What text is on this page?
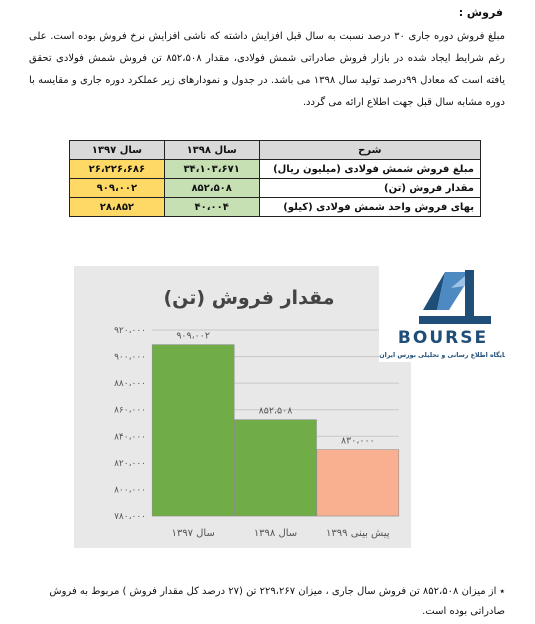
فروش :
مبلغ فروش دوره جاری ۳۰ درصد نسبت به سال قبل افزایش داشته که ناشی افزایش نرخ فروش بوده است. علی رغم شرایط ایجاد شده در بازار فروش صادراتی شمش فولادی، مقدار ۸۵۲،۵۰۸ تن فروش شمش فولادی تحقق یافته است که معادل ۹۹درصد تولید سال ۱۳۹۸ می باشد. در جدول و نمودارهای زیر عملکرد دوره جاری و مقایسه با دوره مشابه سال قبل جهت اطلاع ارائه می گردد.
شرح	سال ۱۳۹۸	سال ۱۳۹۷
مبلغ فروش شمش فولادی (میلیون ریال)	۳۴،۱۰۳،۶۷۱	۲۶،۲۲۶،۶۸۶
مقدار فروش (تن)	۸۵۲،۵۰۸	۹۰۹،۰۰۲
بهای فروش واحد شمش فولادی (کیلو)	۴۰،۰۰۴	۲۸،۸۵۲
مقدار فروش (تن)
۷۸۰،۰۰۰
۸۰۰،۰۰۰
۸۲۰،۰۰۰
۸۴۰،۰۰۰
۸۶۰،۰۰۰
۸۸۰،۰۰۰
۹۰۰،۰۰۰
۹۲۰،۰۰۰	۹۰۹،۰۰۲
سال ۱۳۹۷
۸۵۲،۵۰۸
سال ۱۳۹۸
۸۳۰،۰۰۰
پیش بینی ۱۳۹۹
BOURSE
پایگاه اطلاع رسانی و تحلیلی بورس ایران
٭ از میزان ۸۵۲،۵۰۸ تن فروش سال جاری ، میزان ۲۲۹،۲۶۷ تن (۲۷ درصد کل مقدار فروش ) مربوط به فروش صادراتی بوده است.
